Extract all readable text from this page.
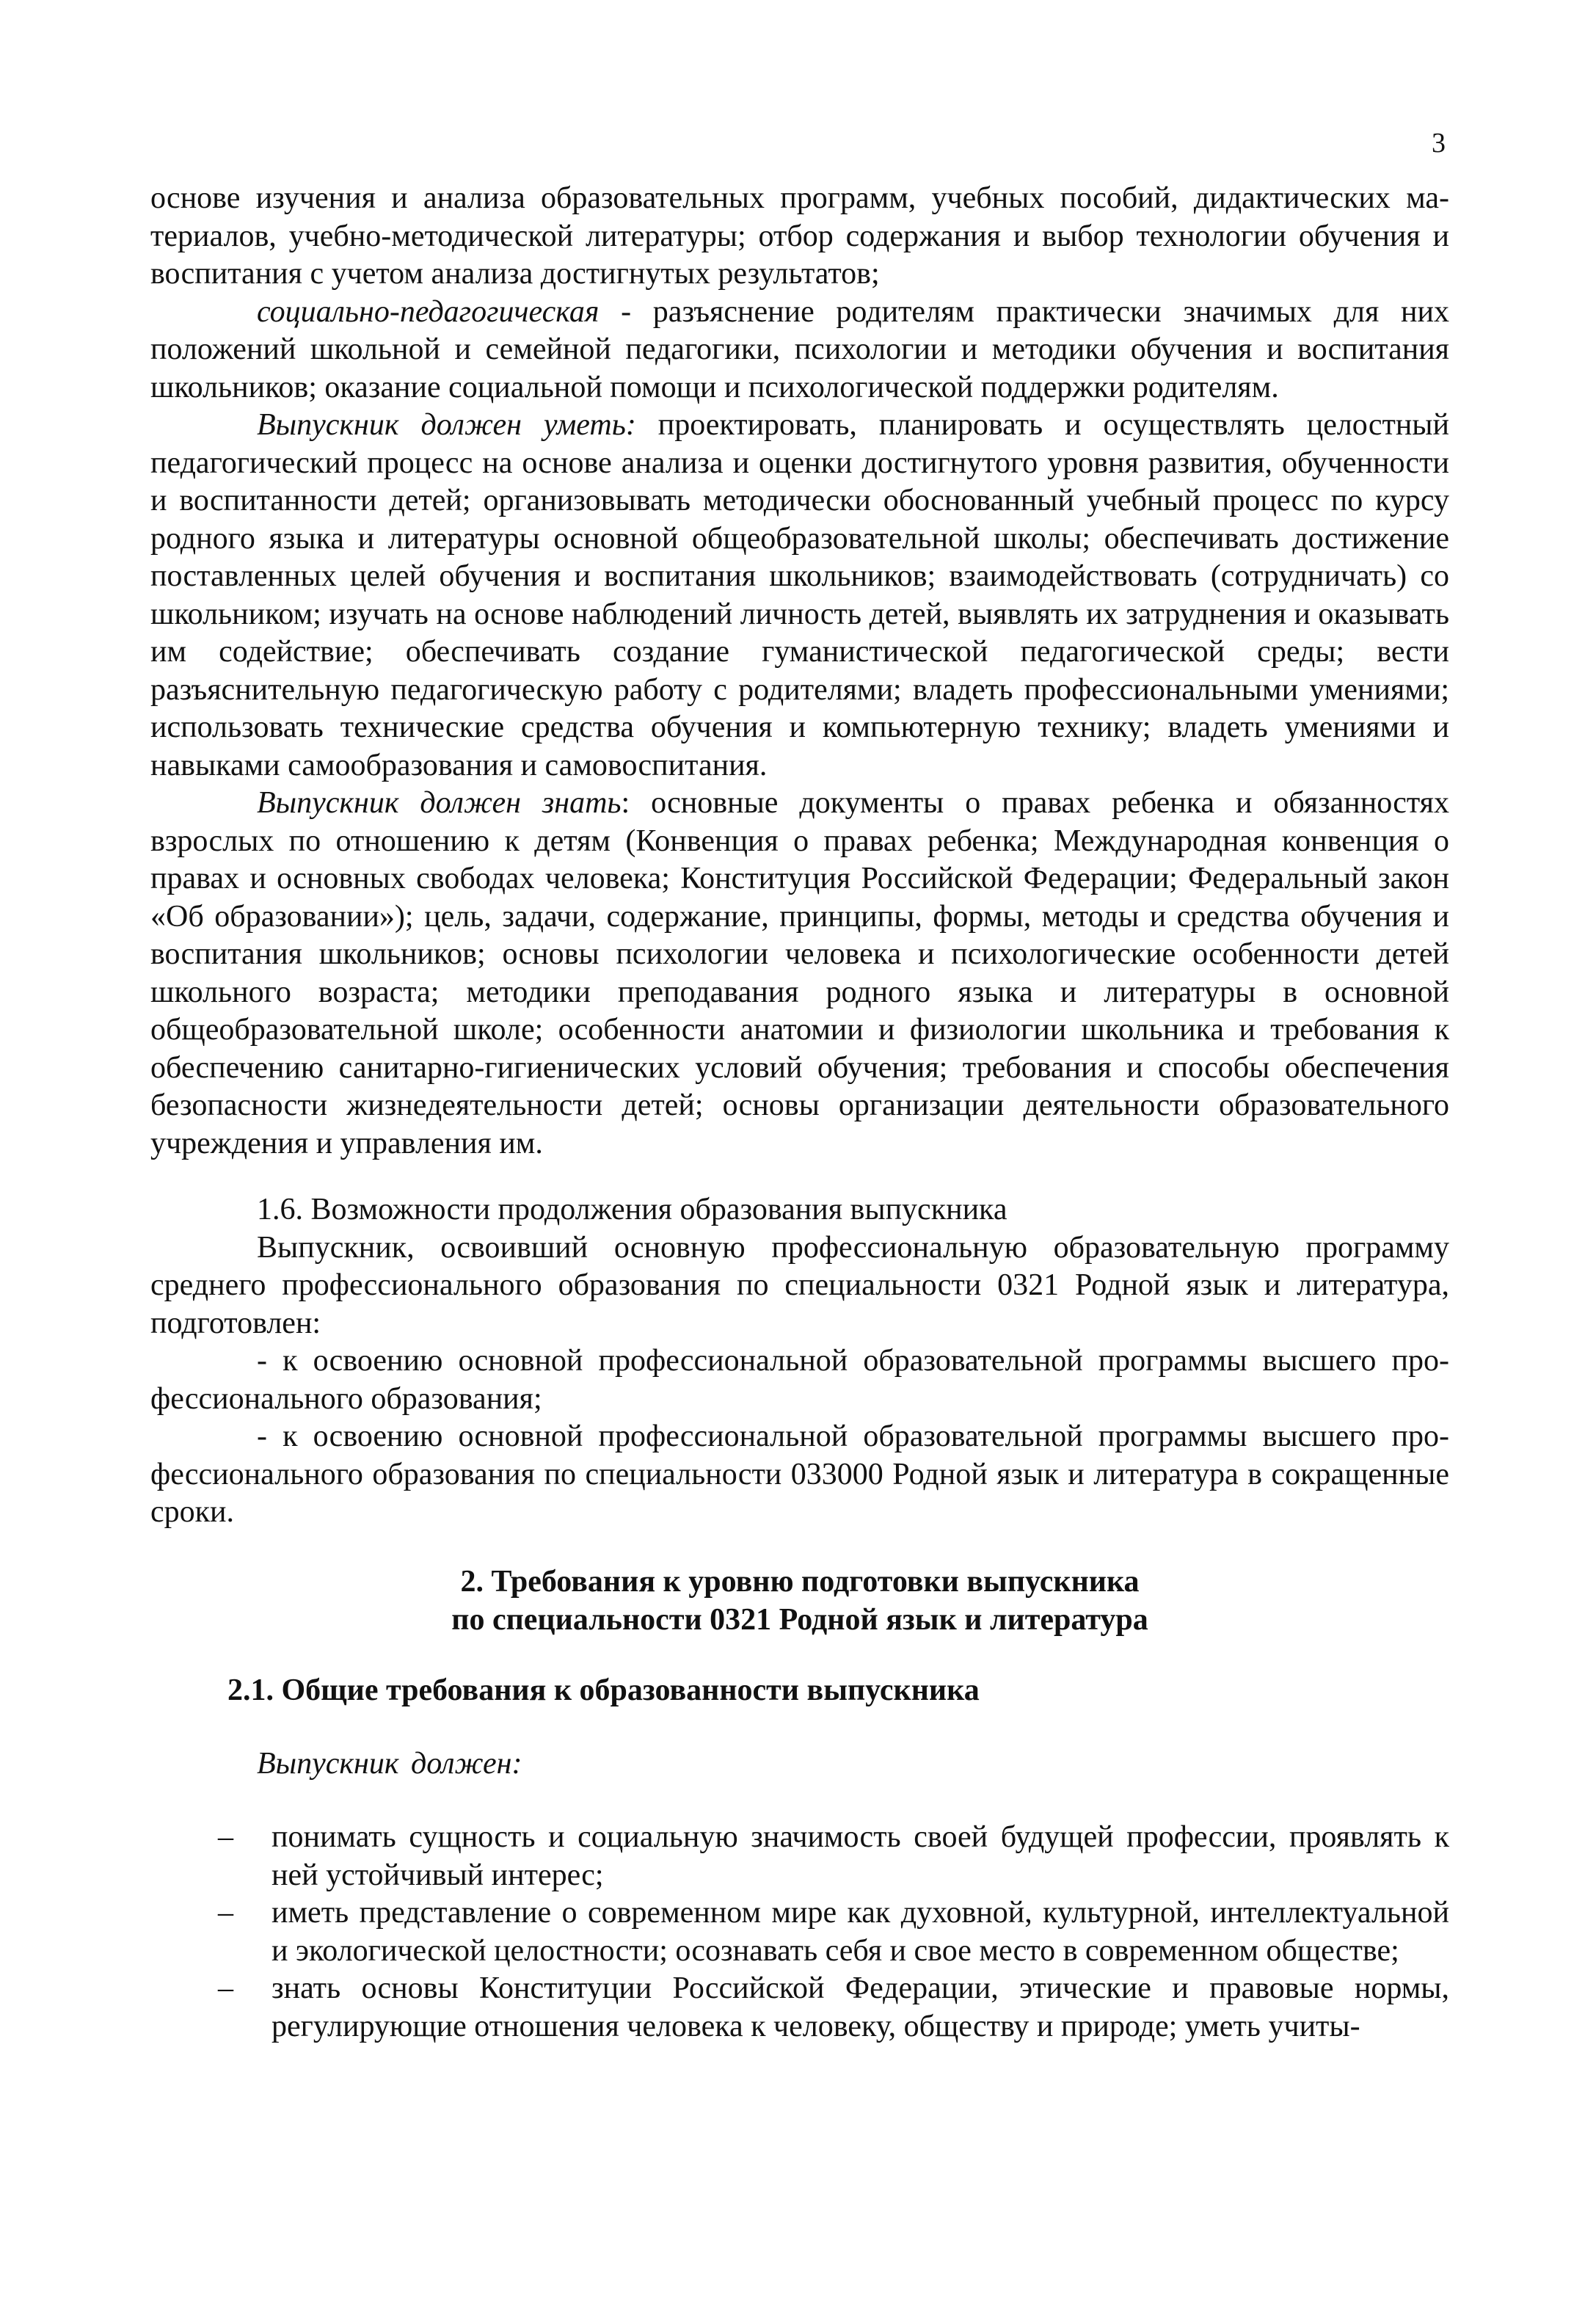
3

основе изучения и анализа образовательных программ, учебных пособий, дидактических материалов, учебно-методической литературы; отбор содержания и выбор технологии обучения и воспитания с учетом анализа достигнутых результатов;

социально-педагогическая - разъяснение родителям практически значимых для них положений школьной и семейной педагогики, психологии и методики обучения и воспитания школьников; оказание социальной помощи и психологической поддержки родителям.

Выпускник должен уметь: проектировать, планировать и осуществлять целостный педагогический процесс на основе анализа и оценки достигнутого уровня развития, обученности и воспитанности детей; организовывать методически обоснованный учебный процесс по курсу родного языка и литературы основной общеобразовательной школы; обеспечивать достижение поставленных целей обучения и воспитания школьников; взаимодействовать (сотрудничать) со школьником; изучать на основе наблюдений личность детей, выявлять их затруднения и оказывать им содействие; обеспечивать создание гуманистической педагогической среды; вести разъяснительную педагогическую работу с родителями; владеть профессиональными умениями; использовать технические средства обучения и компьютерную технику; владеть умениями и навыками самообразования и самовоспитания.

Выпускник должен знать: основные документы о правах ребенка и обязанностях взрослых по отношению к детям (Конвенция о правах ребенка; Международная конвенция о правах и основных свободах человека; Конституция Российской Федерации; Федеральный закон «Об образовании»); цель, задачи, содержание, принципы, формы, методы и средства обучения и воспитания школьников; основы психологии человека и психологические особенности детей школьного возраста; методики преподавания родного языка и литературы в основной общеобразовательной школе; особенности анатомии и физиологии школьника и требования к обеспечению санитарно-гигиенических условий обучения; требования и способы обеспечения безопасности жизнедеятельности детей; основы организации деятельности образовательного учреждения и управления им.

1.6. Возможности продолжения образования выпускника

Выпускник, освоивший основную профессиональную образовательную программу среднего профессионального образования по специальности 0321 Родной язык и литература, подготовлен:

- к освоению основной профессиональной образовательной программы высшего профессионального образования;

- к освоению основной профессиональной образовательной программы высшего профессионального образования по специальности 033000 Родной язык и литература в сокращенные сроки.

2. Требования к уровню подготовки выпускника
по специальности 0321 Родной язык и литература
2.1. Общие требования к образованности выпускника
Выпускник должен:
– понимать сущность и социальную значимость своей будущей профессии, проявлять к ней устойчивый интерес;
– иметь представление о современном мире как духовной, культурной, интеллектуальной и экологической целостности; осознавать себя и свое место в современном обществе;
– знать основы Конституции Российской Федерации, этические и правовые нормы, регулирующие отношения человека к человеку, обществу и природе; уметь учиты-
